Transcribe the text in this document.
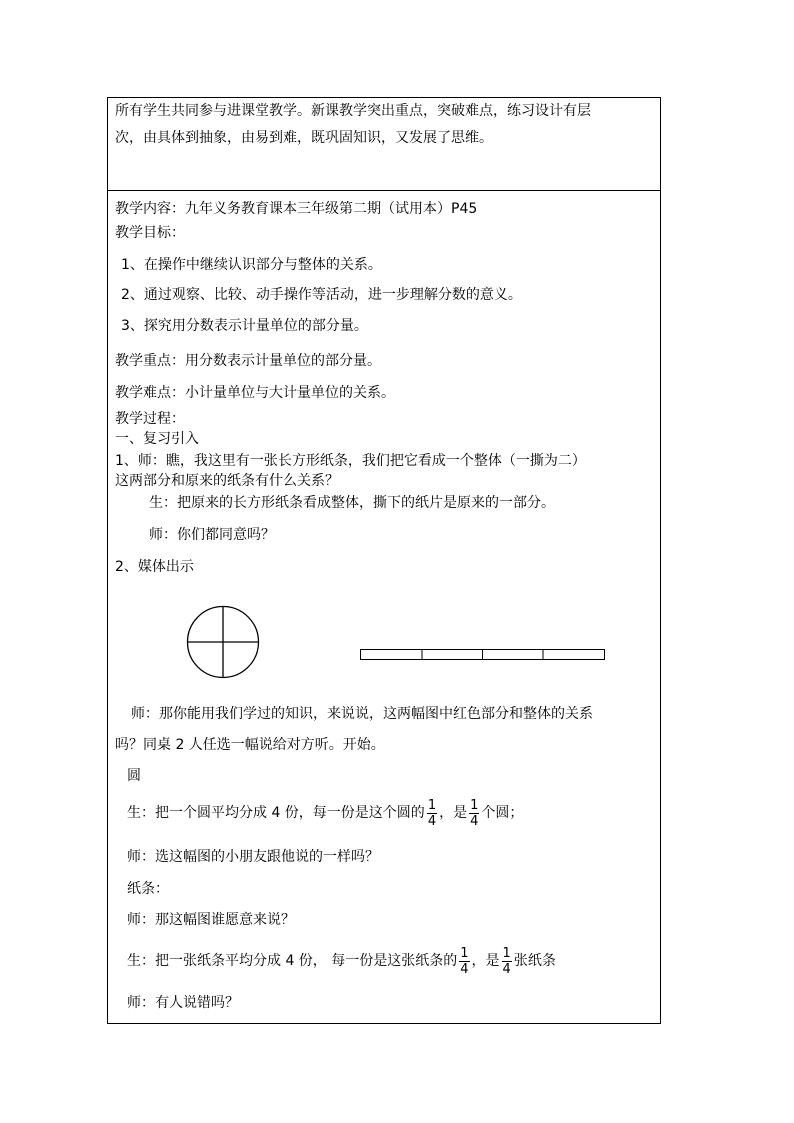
所有学生共同参与进课堂教学。新课教学突出重点，突破难点，练习设计有层
次，由具体到抽象，由易到难，既巩固知识，又发展了思维。
教学内容：九年义务教育课本三年级第二期（试用本）P45
教学目标：
1、在操作中继续认识部分与整体的关系。
2、通过观察、比较、动手操作等活动，进一步理解分数的意义。
3、探究用分数表示计量单位的部分量。
教学重点：用分数表示计量单位的部分量。
教学难点：小计量单位与大计量单位的关系。
教学过程：
一、复习引入
1、师：瞧，我这里有一张长方形纸条，我们把它看成一个整体（一撕为二）
这两部分和原来的纸条有什么关系？
生：把原来的长方形纸条看成整体，撕下的纸片是原来的一部分。
师：你们都同意吗？
2、媒体出示
师：那你能用我们学过的知识，来说说，这两幅图中红色部分和整体的关系
吗？同桌 2 人任选一幅说给对方听。开始。
圆
生：把一个圆平均分成 4 份，每一份是这个圆的 $\frac{1}{4}$ ，是 $\frac{1}{4}$ 个圆；
师：选这幅图的小朋友跟他说的一样吗？
纸条：
师：那这幅图谁愿意来说？
生：把一张纸条平均分成 4 份， 每一份是这张纸条的 $\frac{1}{4}$ ，是 $\frac{1}{4}$ 张纸条
师：有人说错吗？
